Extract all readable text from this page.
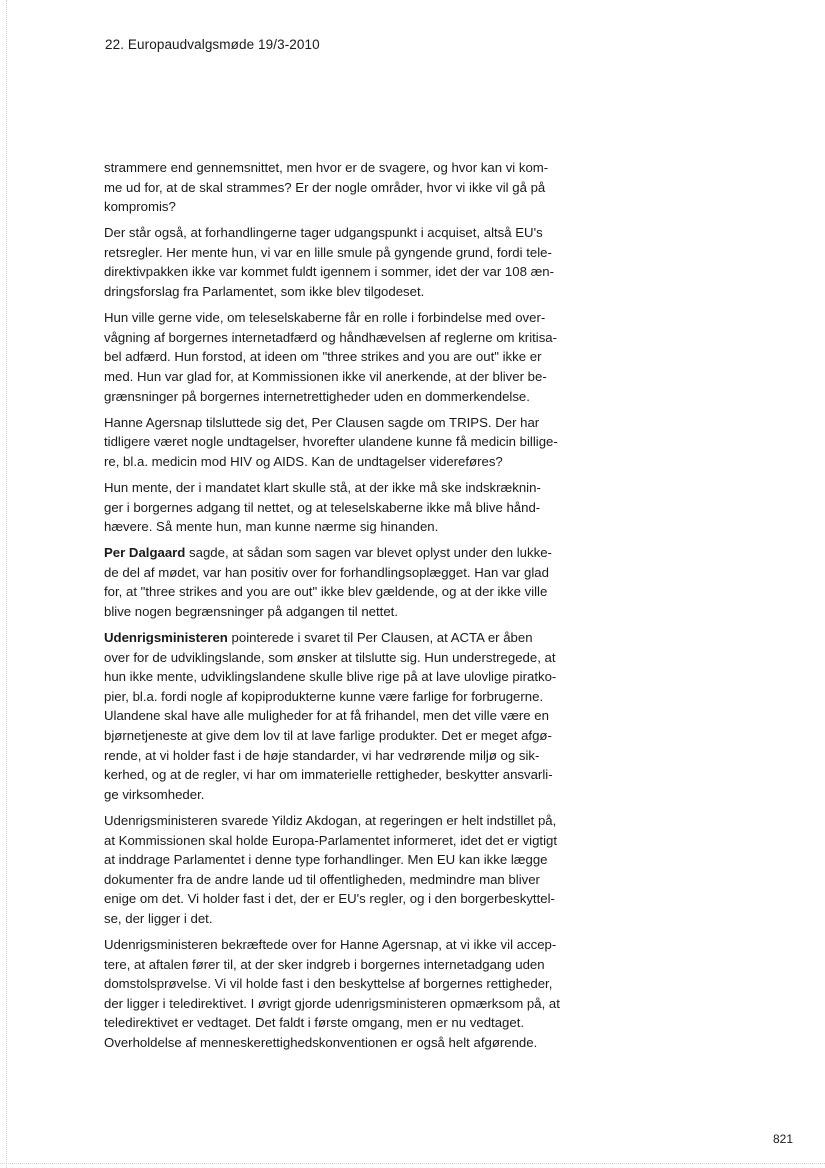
22. Europaudvalgsmøde 19/3-2010

strammere end gennemsnittet, men hvor er de svagere, og hvor kan vi kom-
me ud for, at de skal strammes? Er der nogle områder, hvor vi ikke vil gå på
kompromis?

Der står også, at forhandlingerne tager udgangspunkt i acquiset, altså EU's
retsregler. Her mente hun, vi var en lille smule på gyngende grund, fordi tele-
direktivpakken ikke var kommet fuldt igennem i sommer, idet der var 108 æn-
dringsforslag fra Parlamentet, som ikke blev tilgodeset.

Hun ville gerne vide, om teleselskaberne får en rolle i forbindelse med over-
vågning af borgernes internetadfærd og håndhævelsen af reglerne om kritisa-
bel adfærd. Hun forstod, at ideen om "three strikes and you are out" ikke er
med. Hun var glad for, at Kommissionen ikke vil anerkende, at der bliver be-
grænsninger på borgernes internetrettigheder uden en dommerkendelse.

Hanne Agersnap tilsluttede sig det, Per Clausen sagde om TRIPS. Der har
tidligere været nogle undtagelser, hvorefter ulandene kunne få medicin billige-
re, bl.a. medicin mod HIV og AIDS. Kan de undtagelser videreføres?

Hun mente, der i mandatet klart skulle stå, at der ikke må ske indskræknin-
ger i borgernes adgang til nettet, og at teleselskaberne ikke må blive hånd-
hævere. Så mente hun, man kunne nærme sig hinanden.

Per Dalgaard sagde, at sådan som sagen var blevet oplyst under den lukke-
de del af mødet, var han positiv over for forhandlingsoplægget. Han var glad
for, at "three strikes and you are out" ikke blev gældende, og at der ikke ville
blive nogen begrænsninger på adgangen til nettet.

Udenrigsministeren pointerede i svaret til Per Clausen, at ACTA er åben
over for de udviklingslande, som ønsker at tilslutte sig. Hun understregede, at
hun ikke mente, udviklingslandene skulle blive rige på at lave ulovlige piratko-
pier, bl.a. fordi nogle af kopiprodukterne kunne være farlige for forbrugerne.
Ulandene skal have alle muligheder for at få frihandel, men det ville være en
bjørnetjeneste at give dem lov til at lave farlige produkter. Det er meget afgø-
rende, at vi holder fast i de høje standarder, vi har vedrørende miljø og sik-
kerhed, og at de regler, vi har om immaterielle rettigheder, beskytter ansvarli-
ge virksomheder.

Udenrigsministeren svarede Yildiz Akdogan, at regeringen er helt indstillet på,
at Kommissionen skal holde Europa-Parlamentet informeret, idet det er vigtigt
at inddrage Parlamentet i denne type forhandlinger. Men EU kan ikke lægge
dokumenter fra de andre lande ud til offentligheden, medmindre man bliver
enige om det. Vi holder fast i det, der er EU's regler, og i den borgerbeskyttel-
se, der ligger i det.

Udenrigsministeren bekræftede over for Hanne Agersnap, at vi ikke vil accep-
tere, at aftalen fører til, at der sker indgreb i borgernes internetadgang uden
domstolsprøvelse. Vi vil holde fast i den beskyttelse af borgernes rettigheder,
der ligger i teledirektivet. I øvrigt gjorde udenrigsministeren opmærksom på, at
teledirektivet er vedtaget. Det faldt i første omgang, men er nu vedtaget.
Overholdelse af menneskerettighedskonventionen er også helt afgørende.

821
